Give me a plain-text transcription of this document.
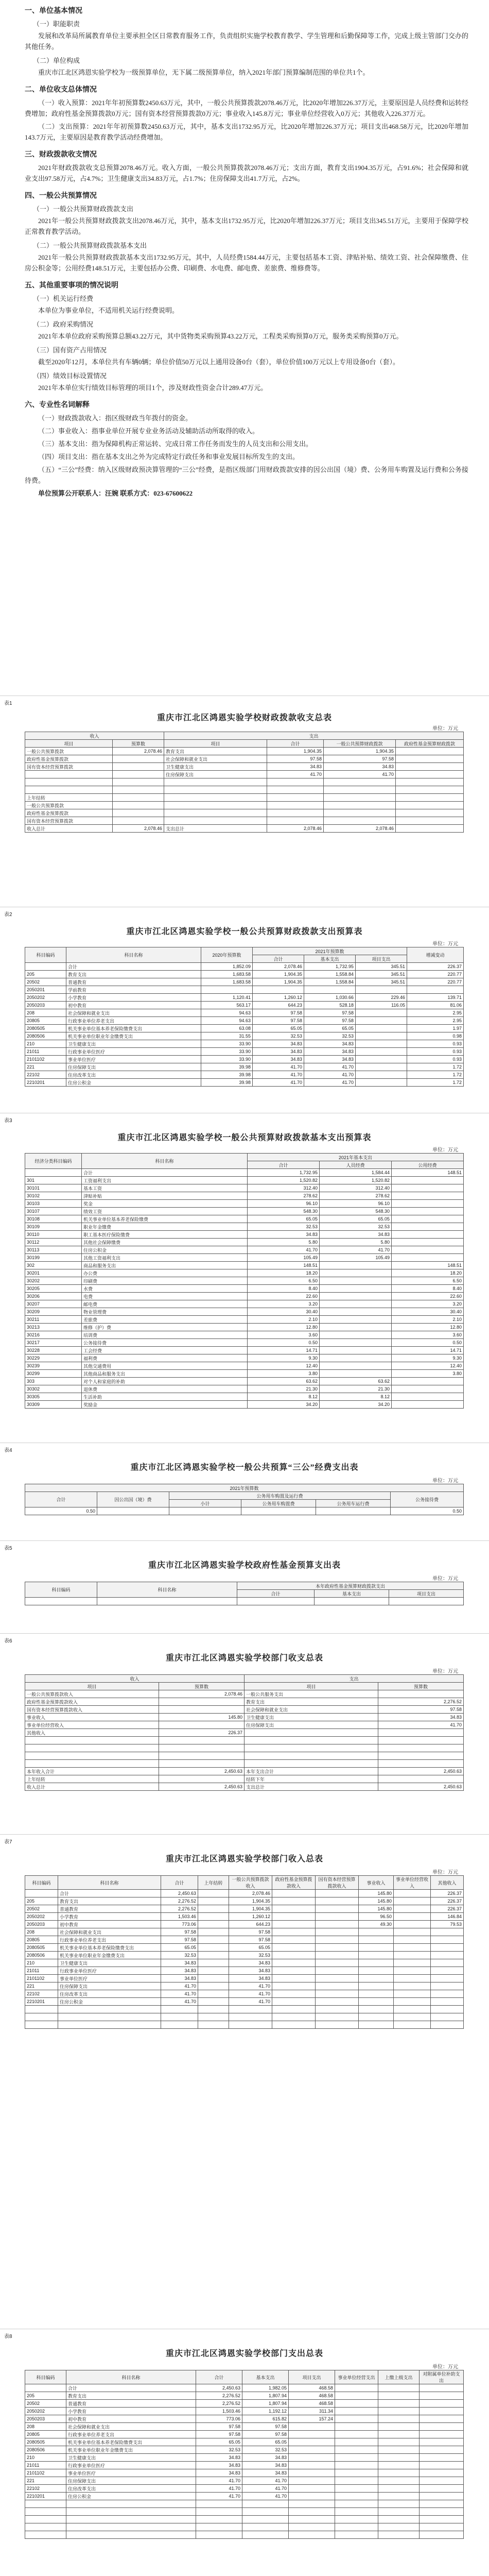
一、单位基本情况
（一）职能职责
发展和改革局所属教育单位主要承担全区日常教育服务工作，负责组织实施学校教育教学、学生管理和后勤保障等工作，完成上级主管部门交办的其他任务。
（二）单位构成
重庆市江北区鸿恩实验学校为一级预算单位，无下属二级预算单位，纳入2021年部门预算编制范围的单位共1个。
二、单位收支总体情况
（一）收入预算：2021年年初预算数2450.63万元，其中，一般公共预算拨款2078.46万元，比2020年增加226.37万元，主要原因是人员经费和运转经费增加；政府性基金预算拨款0万元；国有资本经营预算拨款0万元；事业收入145.8万元；事业单位经营收入0万元；其他收入226.37万元。
（二）支出预算：2021年年初预算数2450.63万元，其中，基本支出1732.95万元，比2020年增加226.37万元；项目支出468.58万元，比2020年增加143.7万元，主要原因是教育教学活动经费增加。
三、财政拨款收支情况
2021年财政拨款收支总预算2078.46万元。收入方面，一般公共预算拨款2078.46万元；支出方面，教育支出1904.35万元，占91.6%；社会保障和就业支出97.58万元，占4.7%；卫生健康支出34.83万元，占1.7%；住房保障支出41.7万元，占2%。
四、一般公共预算情况
（一）一般公共预算财政拨款支出
2021年一般公共预算财政拨款支出2078.46万元，其中，基本支出1732.95万元，比2020年增加226.37万元；项目支出345.51万元，主要用于保障学校正常教育教学活动。
（二）一般公共预算财政拨款基本支出
2021年一般公共预算财政拨款基本支出1732.95万元，其中，人员经费1584.44万元，主要包括基本工资、津贴补贴、绩效工资、社会保障缴费、住房公积金等；公用经费148.51万元，主要包括办公费、印刷费、水电费、邮电费、差旅费、维修费等。
五、其他重要事项的情况说明
（一）机关运行经费
本单位为事业单位，不适用机关运行经费说明。
（二）政府采购情况
2021年本单位政府采购预算总额43.22万元，其中货物类采购预算43.22万元，工程类采购预算0万元，服务类采购预算0万元。
（三）国有资产占用情况
截至2020年12月，本单位共有车辆0辆；单位价值50万元以上通用设备0台（套），单位价值100万元以上专用设备0台（套）。
（四）绩效目标设置情况
2021年本单位实行绩效目标管理的项目1个，涉及财政性资金合计289.47万元。
六、专业性名词解释
（一）财政拨款收入：指区级财政当年拨付的资金。
（二）事业收入：指事业单位开展专业业务活动及辅助活动所取得的收入。
（三）基本支出：指为保障机构正常运转、完成日常工作任务而发生的人员支出和公用支出。
（四）项目支出：指在基本支出之外为完成特定行政任务和事业发展目标所发生的支出。
（五）“三公”经费：纳入区级财政预决算管理的“三公”经费，是指区级部门用财政拨款安排的因公出国（境）费、公务用车购置及运行费和公务接待费。
单位预算公开联系人：汪婉 联系方式：023-67600622
表1
重庆市江北区鸿恩实验学校财政拨款收支总表
单位：万元
收入		支出			
项目	预算数	项目	合计	一般公共预算财政拨款	政府性基金预算财政拨款
一般公共预算拨款	2,078.46	教育支出	1,904.35	1,904.35	
政府性基金预算拨款		社会保障和就业支出	97.58	97.58	
国有资本经营预算拨款		卫生健康支出	34.83	34.83	
		住房保障支出	41.70	41.70	

上年结转					
一般公共预算拨款					
政府性基金预算拨款					
国有资本经营预算拨款					
收入总计	2,078.46	支出总计	2,078.46	2,078.46	
表2
重庆市江北区鸿恩实验学校一般公共预算财政拨款支出预算表
单位：万元
科目编码	科目名称	2020年预算数	2021年预算数			增减变动
			合计	基本支出	项目支出	
	合计	1,852.09	2,078.46	1,732.95	345.51	226.37
205	教育支出	1,683.58	1,904.35	1,558.84	345.51	220.77
20502	普通教育	1,683.58	1,904.35	1,558.84	345.51	220.77
2050201	学前教育					
2050202	小学教育	1,120.41	1,260.12	1,030.66	229.46	139.71
2050203	初中教育	563.17	644.23	528.18	116.05	81.06
208	社会保障和就业支出	94.63	97.58	97.58		2.95
20805	行政事业单位养老支出	94.63	97.58	97.58		2.95
2080505	机关事业单位基本养老保险缴费支出	63.08	65.05	65.05		1.97
2080506	机关事业单位职业年金缴费支出	31.55	32.53	32.53		0.98
210	卫生健康支出	33.90	34.83	34.83		0.93
21011	行政事业单位医疗	33.90	34.83	34.83		0.93
2101102	事业单位医疗	33.90	34.83	34.83		0.93
221	住房保障支出	39.98	41.70	41.70		1.72
22102	住房改革支出	39.98	41.70	41.70		1.72
2210201	住房公积金	39.98	41.70	41.70		1.72
表3
重庆市江北区鸿恩实验学校一般公共预算财政拨款基本支出预算表
单位：万元
经济分类科目编码	科目名称	2021年基本支出		
		合计	人员经费	公用经费
	合计	1,732.95	1,584.44	148.51
301	工资福利支出	1,520.82	1,520.82	
30101	基本工资	312.40	312.40	
30102	津贴补贴	278.62	278.62	
30103	奖金	96.10	96.10	
30107	绩效工资	548.30	548.30	
30108	机关事业单位基本养老保险缴费	65.05	65.05	
30109	职业年金缴费	32.53	32.53	
30110	职工基本医疗保险缴费	34.83	34.83	
30112	其他社会保障缴费	5.80	5.80	
30113	住房公积金	41.70	41.70	
30199	其他工资福利支出	105.49	105.49	
302	商品和服务支出	148.51		148.51
30201	办公费	18.20		18.20
30202	印刷费	6.50		6.50
30205	水费	8.40		8.40
30206	电费	22.60		22.60
30207	邮电费	3.20		3.20
30209	物业管理费	30.40		30.40
30211	差旅费	2.10		2.10
30213	维修（护）费	12.80		12.80
30216	培训费	3.60		3.60
30217	公务接待费	0.50		0.50
30228	工会经费	14.71		14.71
30229	福利费	9.30		9.30
30239	其他交通费用	12.40		12.40
30299	其他商品和服务支出	3.80		3.80
303	对个人和家庭的补助	63.62	63.62	
30302	退休费	21.30	21.30	
30305	生活补助	8.12	8.12	
30309	奖励金	34.20	34.20	
表4
重庆市江北区鸿恩实验学校一般公共预算“三公”经费支出表
单位：万元
2021年预算数					
合计	因公出国（境）费	公务用车购置及运行费			公务接待费
		小计	公务用车购置费	公务用车运行费	
0.50					0.50
表5
重庆市江北区鸿恩实验学校政府性基金预算支出表
单位：万元
科目编码	科目名称	本年政府性基金预算财政拨款支出		
		合计	基本支出	项目支出

表6
重庆市江北区鸿恩实验学校部门收支总表
单位：万元
收入		支出	
项目	预算数	项目	预算数
一般公共预算拨款收入	2,078.46	一般公共服务支出	
政府性基金预算拨款收入		教育支出	2,276.52
国有资本经营预算拨款收入		社会保障和就业支出	97.58
事业收入	145.80	卫生健康支出	34.83
事业单位经营收入		住房保障支出	41.70
其他收入	226.37		

本年收入合计	2,450.63	本年支出合计	2,450.63
上年结转		结转下年	
收入总计	2,450.63	支出总计	2,450.63
表7
重庆市江北区鸿恩实验学校部门收入总表
单位：万元
科目编码	科目名称	合计	上年结转	一般公共预算拨款收入	政府性基金预算拨款收入	国有资本经营预算拨款收入	事业收入	事业单位经营收入	其他收入
	合计	2,450.63		2,078.46			145.80		226.37
205	教育支出	2,276.52		1,904.35			145.80		226.37
20502	普通教育	2,276.52		1,904.35			145.80		226.37
2050202	小学教育	1,503.46		1,260.12			96.50		146.84
2050203	初中教育	773.06		644.23			49.30		79.53
208	社会保障和就业支出	97.58		97.58					
20805	行政事业单位养老支出	97.58		97.58					
2080505	机关事业单位基本养老保险缴费支出	65.05		65.05					
2080506	机关事业单位职业年金缴费支出	32.53		32.53					
210	卫生健康支出	34.83		34.83					
21011	行政事业单位医疗	34.83		34.83					
2101102	事业单位医疗	34.83		34.83					
221	住房保障支出	41.70		41.70					
22102	住房改革支出	41.70		41.70					
2210201	住房公积金	41.70		41.70					

表8
重庆市江北区鸿恩实验学校部门支出总表
单位：万元
科目编码	科目名称	合计	基本支出	项目支出	事业单位经营支出	上缴上级支出	对附属单位补助支出
	合计	2,450.63	1,982.05	468.58			
205	教育支出	2,276.52	1,807.94	468.58			
20502	普通教育	2,276.52	1,807.94	468.58			
2050202	小学教育	1,503.46	1,192.12	311.34			
2050203	初中教育	773.06	615.82	157.24			
208	社会保障和就业支出	97.58	97.58				
20805	行政事业单位养老支出	97.58	97.58				
2080505	机关事业单位基本养老保险缴费支出	65.05	65.05				
2080506	机关事业单位职业年金缴费支出	32.53	32.53				
210	卫生健康支出	34.83	34.83				
21011	行政事业单位医疗	34.83	34.83				
2101102	事业单位医疗	34.83	34.83				
221	住房保障支出	41.70	41.70				
22102	住房改革支出	41.70	41.70				
2210201	住房公积金	41.70	41.70				
